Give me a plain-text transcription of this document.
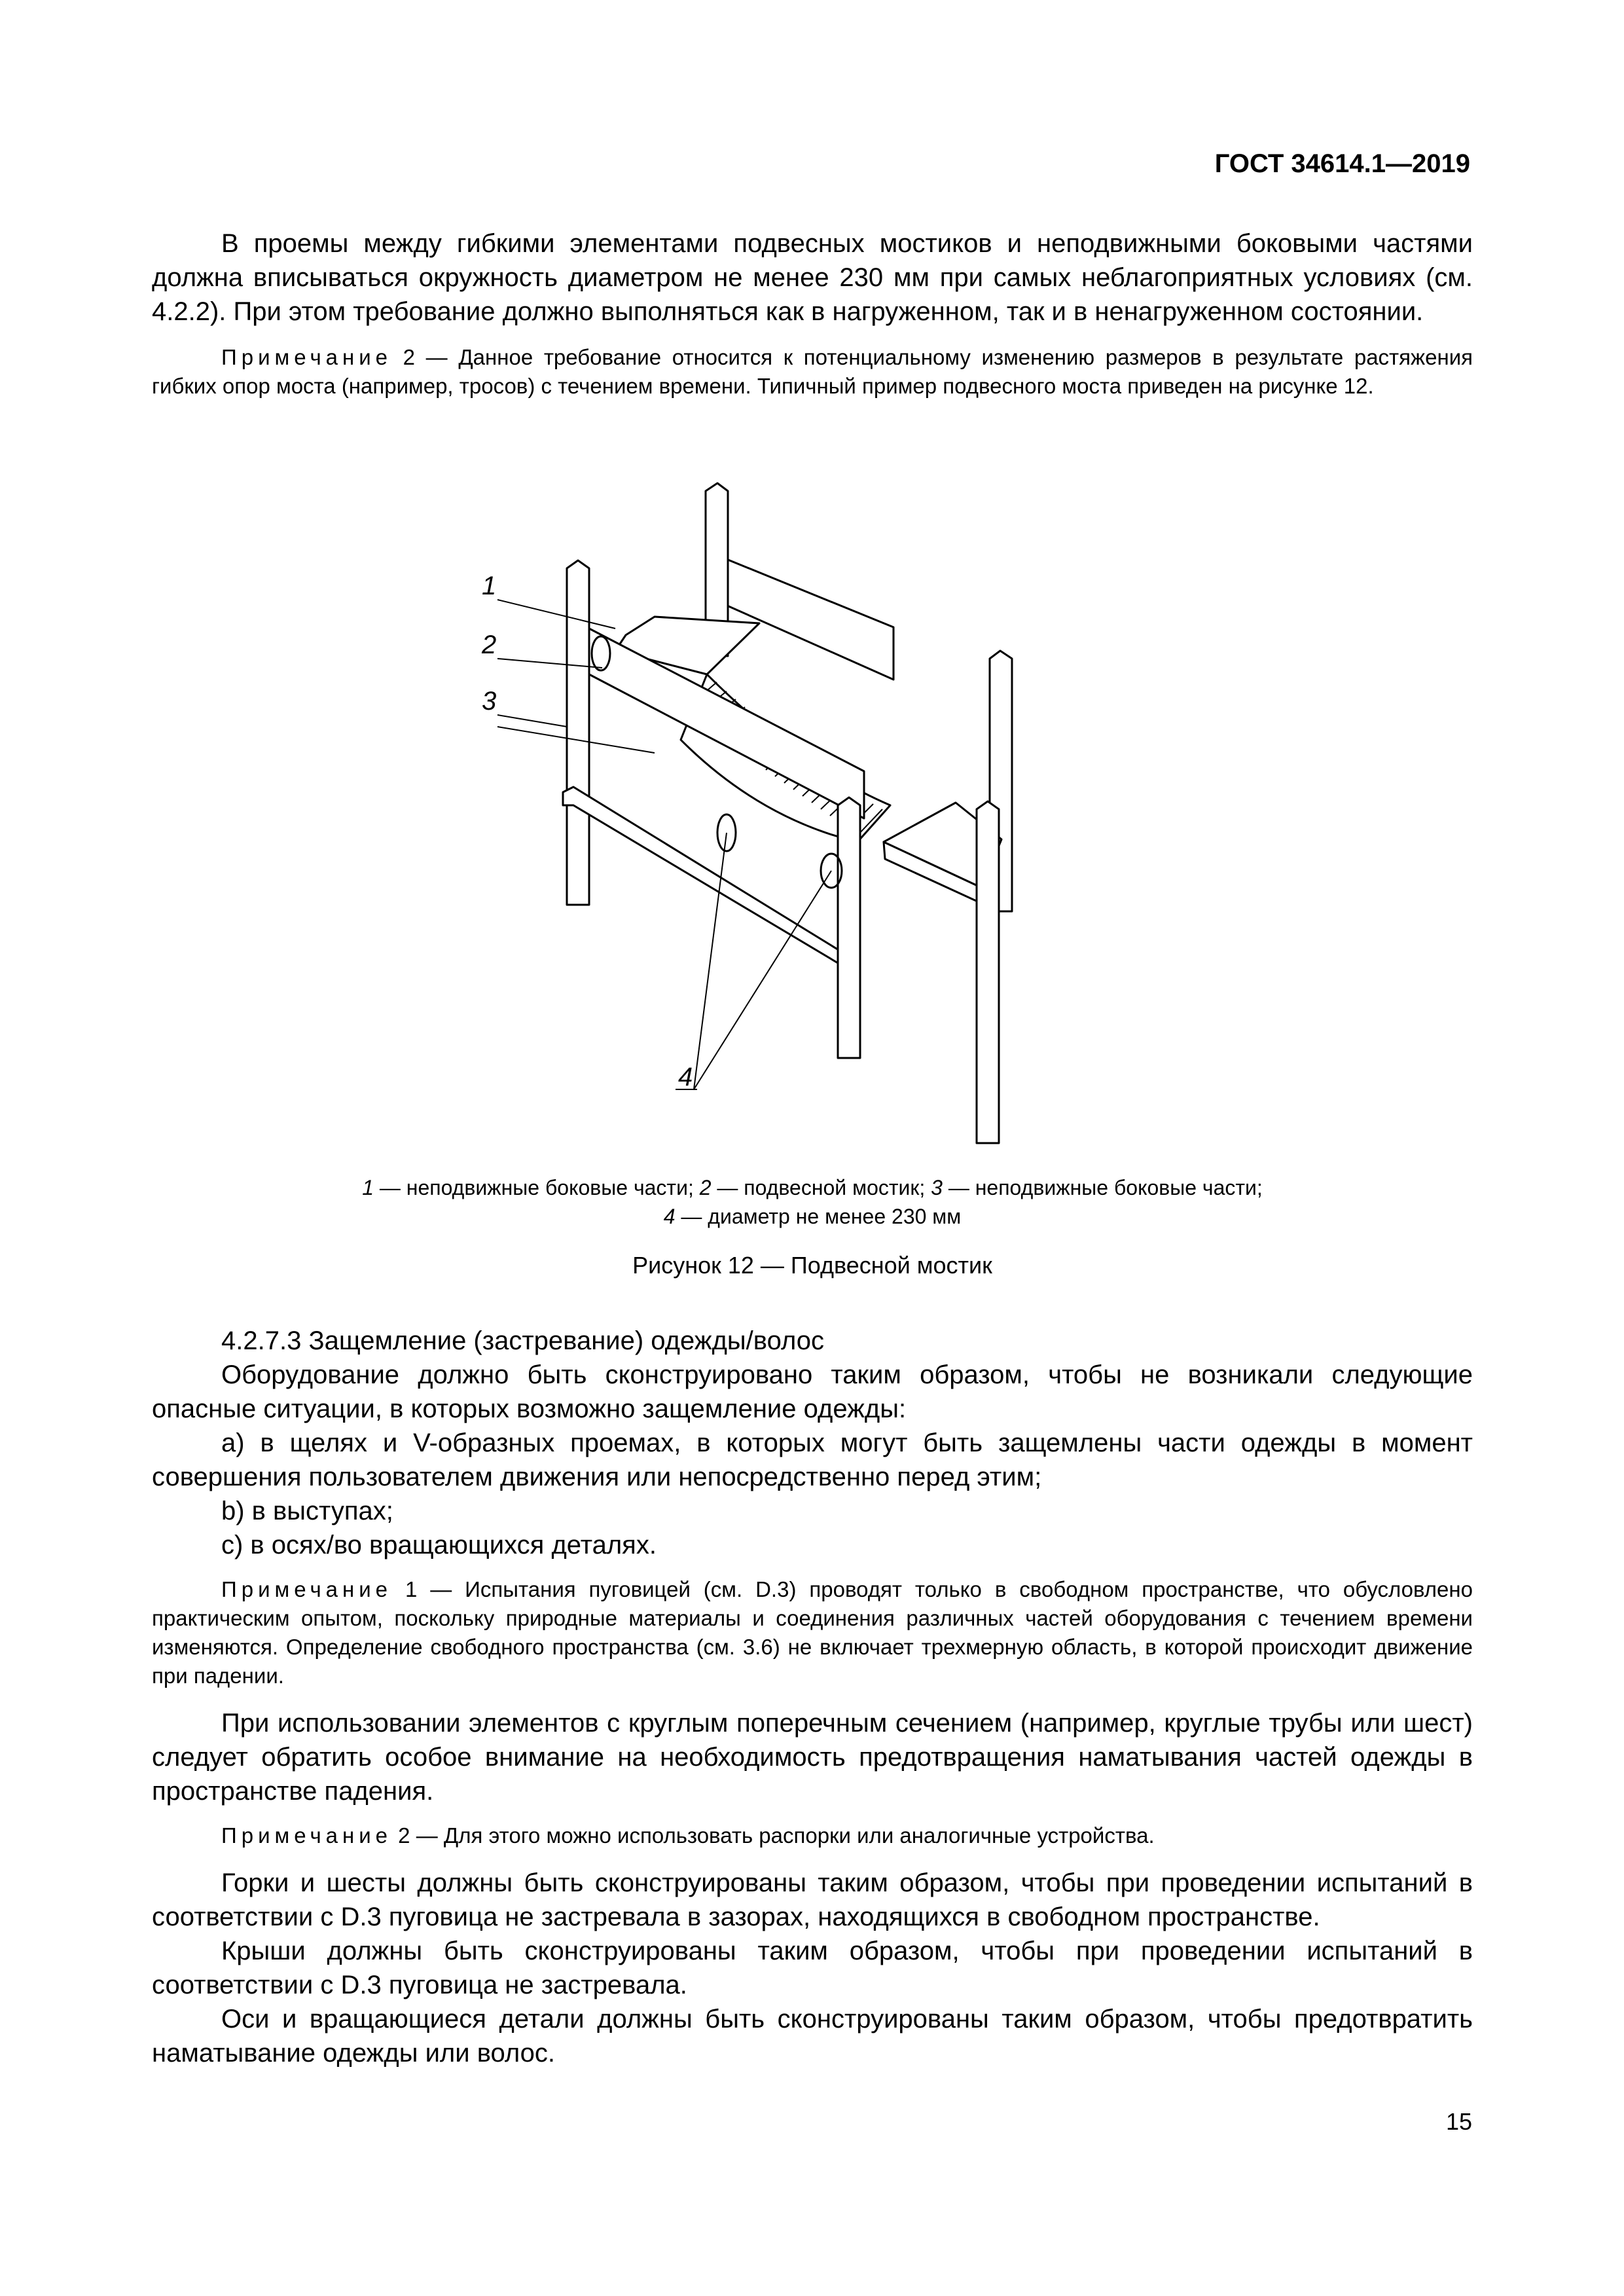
ГОСТ 34614.1—2019

В проемы между гибкими элементами подвесных мостиков и неподвижными боковыми частями должна вписываться окружность диаметром не менее 230 мм при самых неблагоприятных условиях (см. 4.2.2). При этом требование должно выполняться как в нагруженном, так и в ненагруженном состоянии.

Примечание 2 — Данное требование относится к потенциальному изменению размеров в результате растяжения гибких опор моста (например, тросов) с течением времени. Типичный пример подвесного моста приведен на рисунке 12.

1
2
3
4
1 — неподвижные боковые части; 2 — подвесной мостик; 3 — неподвижные боковые части;
4 — диаметр не менее 230 мм
Рисунок 12 — Подвесной мостик

4.2.7.3 Защемление (застревание) одежды/волос

Оборудование должно быть сконструировано таким образом, чтобы не возникали следующие опасные ситуации, в которых возможно защемление одежды:

a) в щелях и V-образных проемах, в которых могут быть защемлены части одежды в момент совершения пользователем движения или непосредственно перед этим;

b) в выступах;

c) в осях/во вращающихся деталях.

Примечание 1 — Испытания пуговицей (см. D.3) проводят только в свободном пространстве, что обусловлено практическим опытом, поскольку природные материалы и соединения различных частей оборудования с течением времени изменяются. Определение свободного пространства (см. 3.6) не включает трехмерную область, в которой происходит движение при падении.

При использовании элементов с круглым поперечным сечением (например, круглые трубы или шест) следует обратить особое внимание на необходимость предотвращения наматывания частей одежды в пространстве падения.

Примечание 2 — Для этого можно использовать распорки или аналогичные устройства.

Горки и шесты должны быть сконструированы таким образом, чтобы при проведении испытаний в соответствии с D.3 пуговица не застревала в зазорах, находящихся в свободном пространстве.

Крыши должны быть сконструированы таким образом, чтобы при проведении испытаний в соответствии с D.3 пуговица не застревала.

Оси и вращающиеся детали должны быть сконструированы таким образом, чтобы предотвратить наматывание одежды или волос.

15
